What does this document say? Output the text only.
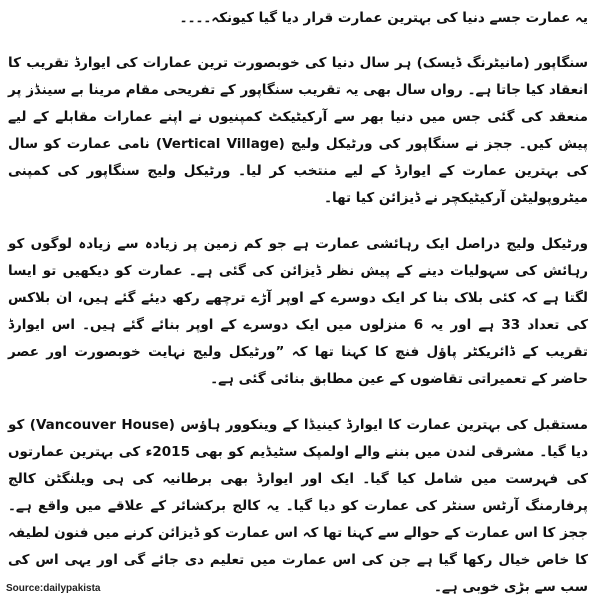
یہ عمارت جسے دنیا کی بہترین عمارت قرار دیا گیا کیونکہ۔۔۔۔

سنگاپور (مانیٹرنگ ڈیسک) ہر سال دنیا کی خوبصورت ترین عمارات کی ایوارڈ تقریب کا انعقاد کیا جاتا ہے۔ رواں سال بھی یہ تقریب سنگاپور کے تفریحی مقام مرینا بے سینڈز پر منعقد کی گئی جس میں دنیا بھر سے آرکیٹیکٹ کمپنیوں نے اپنے عمارات مقابلے کے لیے پیش کیں۔ ججز نے سنگاپور کی ورٹیکل ولیج (Vertical Village) نامی عمارت کو سال کی بہترین عمارت کے ایوارڈ کے لیے منتخب کر لیا۔ ورٹیکل ولیج سنگاپور کی کمپنی میٹروپولیٹن آرکیٹیکچر نے ڈیزائن کیا تھا۔

ورٹیکل ولیج دراصل ایک رہائشی عمارت ہے جو کم زمین پر زیادہ سے زیادہ لوگوں کو رہائش کی سہولیات دینے کے پیش نظر ڈیزائن کی گئی ہے۔ عمارت کو دیکھیں تو ایسا لگتا ہے کہ کئی بلاک بنا کر ایک دوسرے کے اوپر آڑے ترچھے رکھ دیئے گئے ہیں، ان بلاکس کی تعداد 33 ہے اور یہ 6 منزلوں میں ایک دوسرے کے اوپر بنائے گئے ہیں۔ اس ایوارڈ تقریب کے ڈائریکٹر پاؤل فنچ کا کہنا تھا کہ ”ورٹیکل ولیج نہایت خوبصورت اور عصر حاضر کے تعمیراتی تقاضوں کے عین مطابق بنائی گئی ہے۔

مستقبل کی بہترین عمارت کا ایوارڈ کینیڈا کے وینکوور ہاؤس (Vancouver House) کو دیا گیا۔ مشرقی لندن میں بننے والے اولمپک سٹیڈیم کو بھی 2015ء کی بہترین عمارتوں کی فہرست میں شامل کیا گیا۔ ایک اور ایوارڈ بھی برطانیہ کی ہی ویلنگٹن کالج پرفارمنگ آرٹس سنٹر کی عمارت کو دیا گیا۔ یہ کالج برکشائر کے علاقے میں واقع ہے۔ ججز کا اس عمارت کے حوالے سے کہنا تھا کہ اس عمارت کو ڈیزائن کرنے میں فنون لطیفہ کا خاص خیال رکھا گیا ہے جن کی اس عمارت میں تعلیم دی جائے گی اور یہی اس کی سب سے بڑی خوبی ہے۔

Source:dailypakista
